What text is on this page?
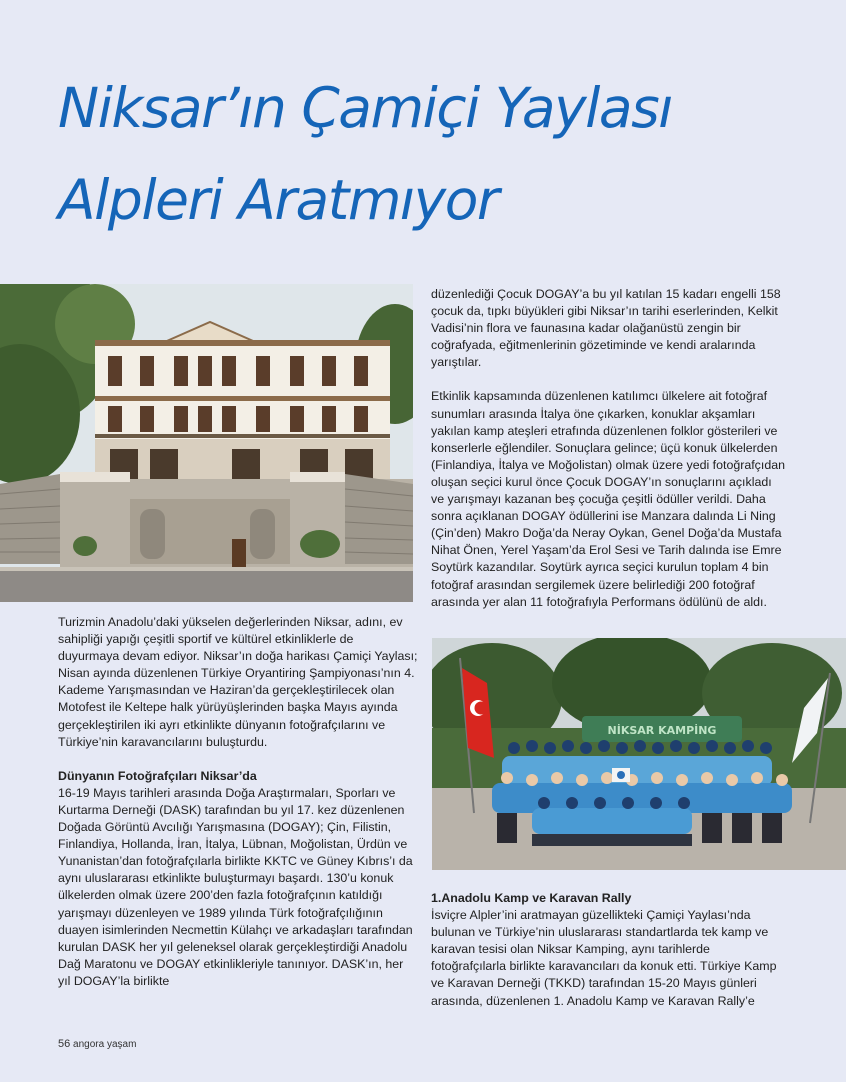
Niksar’ın Çamiçi Yaylası
Alpleri Aratmıyor

düzenlediği Çocuk DOGAY’a bu yıl katılan 15 kadarı engelli 158 çocuk da, tıpkı büyükleri gibi Niksar’ın tarihi eserlerinden, Kelkit Vadisi’nin flora ve faunasına kadar olağanüstü zengin bir coğrafyada, eğitmenlerinin gözetiminde ve kendi aralarında yarıştılar.

Etkinlik kapsamında düzenlenen katılımcı ülkelere ait fotoğraf sunumları arasında İtalya öne çıkarken, konuklar akşamları yakılan kamp ateşleri etrafında düzenlenen folklor gösterileri ve konserlerle eğlendiler. Sonuçlara gelince; üçü konuk ülkelerden (Finlandiya, İtalya ve Moğolistan) olmak üzere yedi fotoğrafçıdan oluşan seçici kurul önce Çocuk DOGAY’ın sonuçlarını açıkladı ve yarışmayı kazanan beş çocuğa çeşitli ödüller verildi. Daha sonra açıklanan DOGAY ödüllerini ise Manzara dalında Li Ning (Çin’den) Makro Doğa’da Neray Oykan, Genel Doğa’da Mustafa Nihat Önen, Yerel Yaşam’da Erol Sesi ve Tarih dalında ise Emre Soytürk kazandılar. Soytürk ayrıca seçici kurulun toplam 4 bin fotoğraf arasından sergilemek üzere belirlediği 200 fotoğraf arasında yer alan 11 fotoğrafıyla Performans ödülünü de aldı.

Turizmin Anadolu’daki yükselen değerlerinden Niksar, adını, ev sahipliği yapığı çeşitli sportif ve kültürel etkinliklerle de duyurmaya devam ediyor. Niksar’ın doğa harikası Çamiçi Yaylası; Nisan ayında düzenlenen Türkiye Oryantiring Şampiyonası’nın 4. Kademe Yarışmasından ve Haziran’da gerçekleştirilecek olan Motofest ile Keltepe halk yürüyüşlerinden başka Mayıs ayında gerçekleştirilen iki ayrı etkinlikte dünyanın fotoğrafçılarını ve Türkiye’nin karavancılarını buluşturdu.

Dünyanın Fotoğrafçıları Niksar’da

16-19 Mayıs tarihleri arasında Doğa Araştırmaları, Sporları ve Kurtarma Derneği (DASK) tarafından bu yıl 17. kez düzenlenen Doğada Görüntü Avcılığı Yarışmasına (DOGAY); Çin, Filistin, Finlandiya, Hollanda, İran, İtalya, Lübnan, Moğolistan, Ürdün ve Yunanistan’dan fotoğrafçılarla birlikte KKTC ve Güney Kıbrıs’ı da aynı uluslararası etkinlikte buluşturmayı başardı. 130’u konuk ülkelerden olmak üzere 200’den fazla fotoğrafçının katıldığı yarışmayı düzenleyen ve 1989 yılında Türk fotoğrafçılığının duayen isimlerinden Necmettin Külahçı ve arkadaşları tarafından kurulan DASK her yıl geleneksel olarak gerçekleştirdiği Anadolu Dağ Maratonu ve DOGAY etkinlikleriyle tanınıyor. DASK’ın, her yıl DOGAY’la birlikte

NİKSAR KAMPİNG

1.Anadolu Kamp ve Karavan Rally

İsviçre Alpler’ini aratmayan güzellikteki Çamiçi Yaylası’nda bulunan ve Türkiye’nin uluslararası standartlarda tek kamp ve karavan tesisi olan Niksar Kamping, aynı tarihlerde fotoğrafçılarla birlikte karavancıları da konuk etti. Türkiye Kamp ve Karavan Derneği (TKKD) tarafından 15-20 Mayıs günleri arasında, düzenlenen 1. Anadolu Kamp ve Karavan Rally’e

56 angora yaşam
